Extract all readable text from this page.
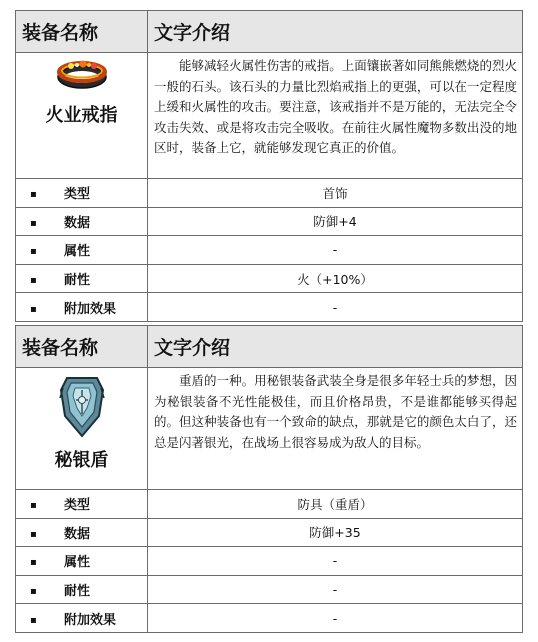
装备名称	文字介绍

火业戒指	能够减轻火属性伤害的戒指。上面镶嵌著如同熊熊燃烧的烈火一般的石头。该石头的力量比烈焰戒指上的更强，可以在一定程度上缓和火属性的攻击。要注意，该戒指并不是万能的，无法完全令攻击失效、或是将攻击完全吸收。在前往火属性魔物多数出没的地区时，装备上它，就能够发现它真正的价值。

▪ 类型	首饰
▪ 数据	防御+4
▪ 属性	-
▪ 耐性	火（+10%）
▪ 附加效果	-
装备名称	文字介绍

秘银盾	重盾的一种。用秘银装备武装全身是很多年轻士兵的梦想，因为秘银装备不光性能极佳，而且价格昂贵，不是谁都能够买得起的。但这种装备也有一个致命的缺点，那就是它的颜色太白了，还总是闪著银光，在战场上很容易成为敌人的目标。

▪ 类型	防具（重盾）
▪ 数据	防御+35
▪ 属性	-
▪ 耐性	-
▪ 附加效果	-
